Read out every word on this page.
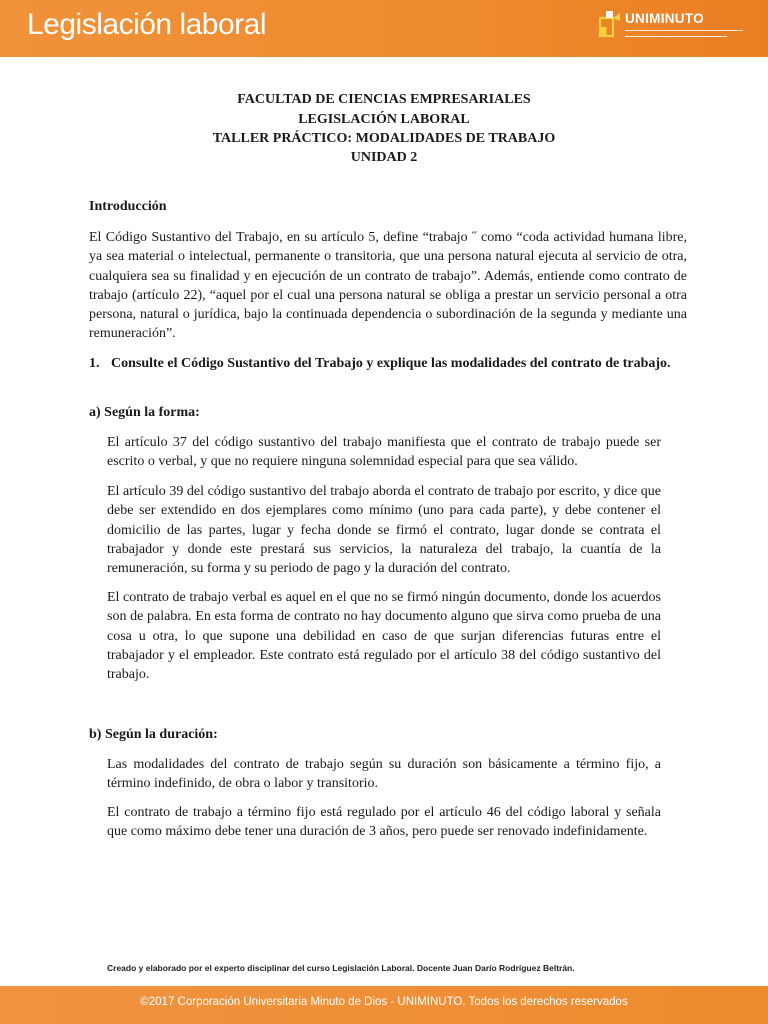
Legislación laboral	UNIMINUTO
FACULTAD DE CIENCIAS EMPRESARIALES
LEGISLACIÓN LABORAL
TALLER PRÁCTICO: MODALIDADES DE TRABAJO
UNIDAD 2
Introducción

El Código Sustantivo del Trabajo, en su artículo 5, define “trabajo ˝ como “coda actividad humana libre, ya sea material o intelectual, permanente o transitoria, que una persona natural ejecuta al servicio de otra, cualquiera sea su finalidad y en ejecución de un contrato de trabajo”. Además, entiende como contrato de trabajo (artículo 22), “aquel por el cual una persona natural se obliga a prestar un servicio personal a otra persona, natural o jurídica, bajo la continuada dependencia o subordinación de la segunda y mediante una remuneración”.

1. Consulte el Código Sustantivo del Trabajo y explique las modalidades del contrato de trabajo.
a) Según la forma:

El artículo 37 del código sustantivo del trabajo manifiesta que el contrato de trabajo puede ser escrito o verbal, y que no requiere ninguna solemnidad especial para que sea válido.

El artículo 39 del código sustantivo del trabajo aborda el contrato de trabajo por escrito, y dice que debe ser extendido en dos ejemplares como mínimo (uno para cada parte), y debe contener el domicilio de las partes, lugar y fecha donde se firmó el contrato, lugar donde se contrata el trabajador y donde este prestará sus servicios, la naturaleza del trabajo, la cuantía de la remuneración, su forma y su periodo de pago y la duración del contrato.

El contrato de trabajo verbal es aquel en el que no se firmó ningún documento, donde los acuerdos son de palabra. En esta forma de contrato no hay documento alguno que sirva como prueba de una cosa u otra, lo que supone una debilidad en caso de que surjan diferencias futuras entre el trabajador y el empleador. Este contrato está regulado por el artículo 38 del código sustantivo del trabajo.

b) Según la duración:

Las modalidades del contrato de trabajo según su duración son básicamente a término fijo, a término indefinido, de obra o labor y transitorio.

El contrato de trabajo a término fijo está regulado por el artículo 46 del código laboral y señala que como máximo debe tener una duración de 3 años, pero puede ser renovado indefinidamente.

Creado y elaborado por el experto disciplinar del curso Legislación Laboral. Docente Juan Darío Rodríguez Beltrán.
©2017 Corporación Universitaria Minuto de Dios - UNIMINUTO. Todos los derechos reservados
